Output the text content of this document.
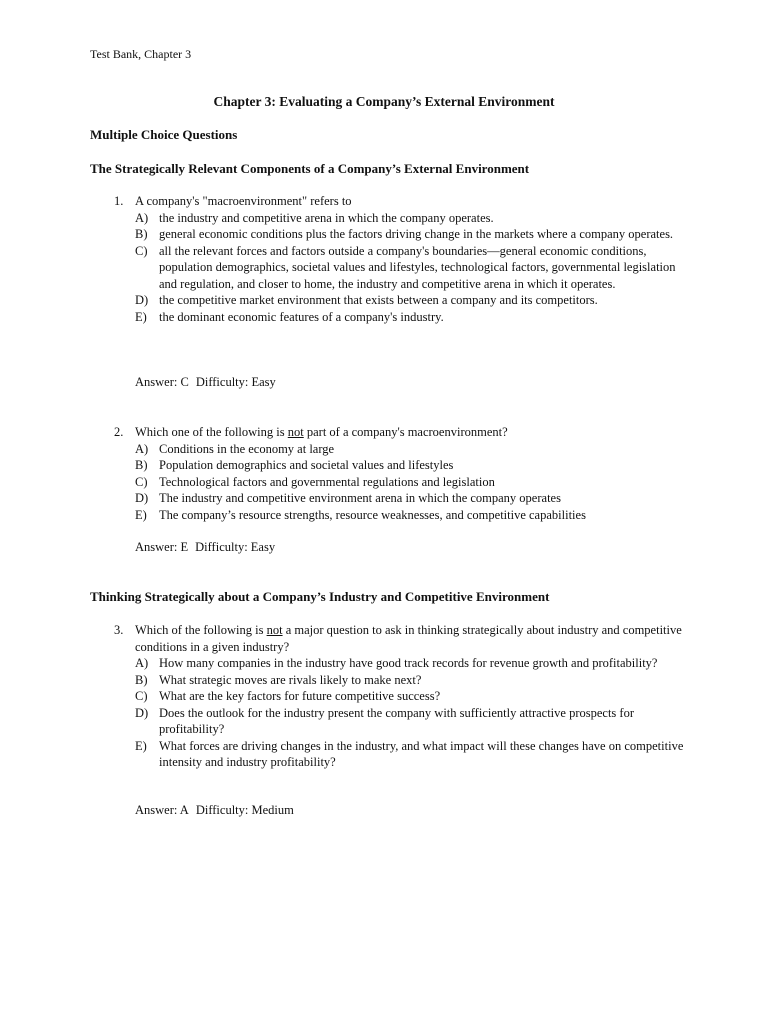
Test Bank, Chapter 3
Chapter 3: Evaluating a Company’s External Environment
Multiple Choice Questions
The Strategically Relevant Components of a Company’s External Environment
1. A company's "macroenvironment" refers to
A) the industry and competitive arena in which the company operates.
B) general economic conditions plus the factors driving change in the markets where a company operates.
C) all the relevant forces and factors outside a company's boundaries—general economic conditions, population demographics, societal values and lifestyles, technological factors, governmental legislation and regulation, and closer to home, the industry and competitive arena in which it operates.
D) the competitive market environment that exists between a company and its competitors.
E) the dominant economic features of a company's industry.
Answer: C Difficulty: Easy
2. Which one of the following is not part of a company's macroenvironment?
A) Conditions in the economy at large
B) Population demographics and societal values and lifestyles
C) Technological factors and governmental regulations and legislation
D) The industry and competitive environment arena in which the company operates
E) The company’s resource strengths, resource weaknesses, and competitive capabilities
Answer: E Difficulty: Easy
Thinking Strategically about a Company’s Industry and Competitive Environment
3. Which of the following is not a major question to ask in thinking strategically about industry and competitive conditions in a given industry?
A) How many companies in the industry have good track records for revenue growth and profitability?
B) What strategic moves are rivals likely to make next?
C) What are the key factors for future competitive success?
D) Does the outlook for the industry present the company with sufficiently attractive prospects for profitability?
E) What forces are driving changes in the industry, and what impact will these changes have on competitive intensity and industry profitability?
Answer: A Difficulty: Medium
